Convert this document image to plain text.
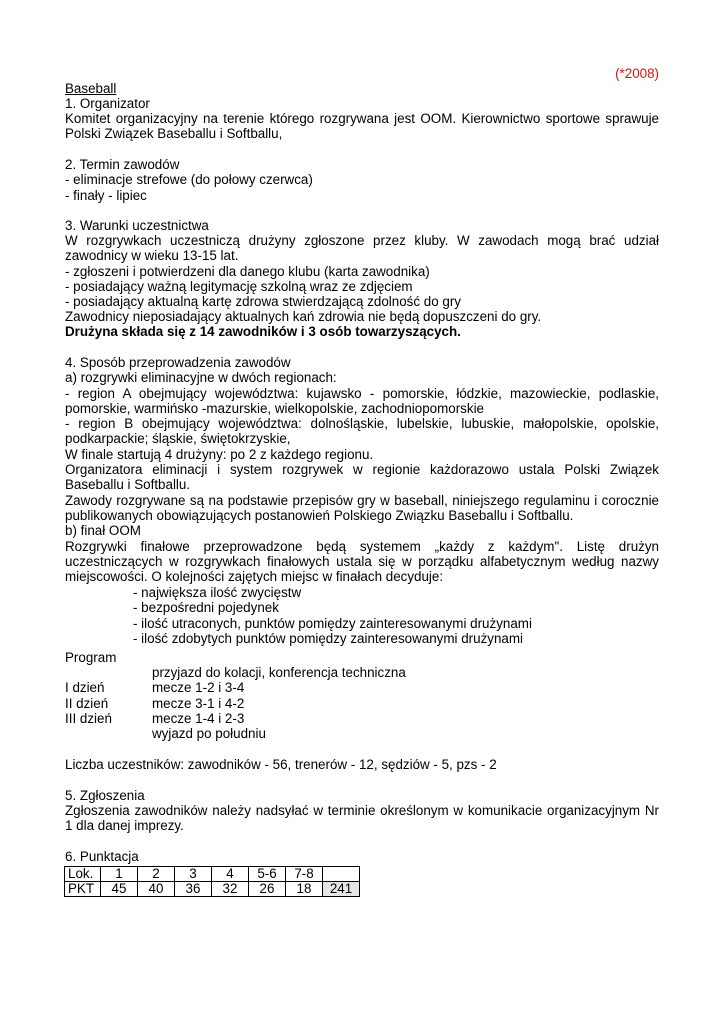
(*2008)
Baseball
1. Organizator
Komitet organizacyjny na terenie którego rozgrywana jest OOM. Kierownictwo sportowe sprawuje
Polski Związek Baseballu i Softballu,
2. Termin zawodów
- eliminacje strefowe (do połowy czerwca)
- finały - lipiec
3. Warunki uczestnictwa
W rozgrywkach uczestniczą drużyny zgłoszone przez kluby. W zawodach mogą brać udział
zawodnicy w wieku 13-15 lat.
- zgłoszeni i potwierdzeni dla danego klubu (karta zawodnika)
- posiadający ważną legitymację szkolną wraz ze zdjęciem
- posiadający aktualną kartę zdrowa stwierdzającą zdolność do gry
Zawodnicy nieposiadający aktualnych kań zdrowia nie będą dopuszczeni do gry.
Drużyna składa się z 14 zawodników i 3 osób towarzyszących.
4. Sposób przeprowadzenia zawodów
a) rozgrywki eliminacyjne w dwóch regionach:
- region A obejmujący województwa: kujawsko - pomorskie, łódzkie, mazowieckie, podlaskie,
pomorskie, warmińsko -mazurskie, wielkopolskie, zachodniopomorskie
- region B obejmujący województwa: dolnośląskie, lubelskie, lubuskie, małopolskie, opolskie,
podkarpackie; śląskie, świętokrzyskie,
W finale startują 4 drużyny: po 2 z każdego regionu.
Organizatora eliminacji i system rozgrywek w regionie każdorazowo ustala Polski Związek
Baseballu i Softballu.
Zawody rozgrywane są na podstawie przepisów gry w baseball, niniejszego regulaminu i corocznie
publikowanych obowiązujących postanowień Polskiego Związku Baseballu i Softballu.
b) finał OOM
Rozgrywki finałowe przeprowadzone będą systemem „każdy z każdym". Listę drużyn
uczestniczących w rozgrywkach finałowych ustala się w porządku alfabetycznym według nazwy
miejscowości. O kolejności zajętych miejsc w finałach decyduje:
- największa ilość zwycięstw
- bezpośredni pojedynek
- ilość utraconych, punktów pomiędzy zainteresowanymi drużynami
- ilość zdobytych punktów pomiędzy zainteresowanymi drużynami
Program
przyjazd do kolacji, konferencja techniczna
I dzień	mecze 1-2 i 3-4
II dzień	mecze 3-1 i 4-2
III dzień	mecze 1-4 i 2-3
wyjazd po południu
Liczba uczestników: zawodników - 56, trenerów - 12, sędziów - 5, pzs - 2
5. Zgłoszenia
Zgłoszenia zawodników należy nadsyłać w terminie określonym w komunikacie organizacyjnym Nr
1 dla danej imprezy.
6. Punktacja
Lok.	1	2	3	4	5-6	7-8	
PKT	45	40	36	32	26	18	241
